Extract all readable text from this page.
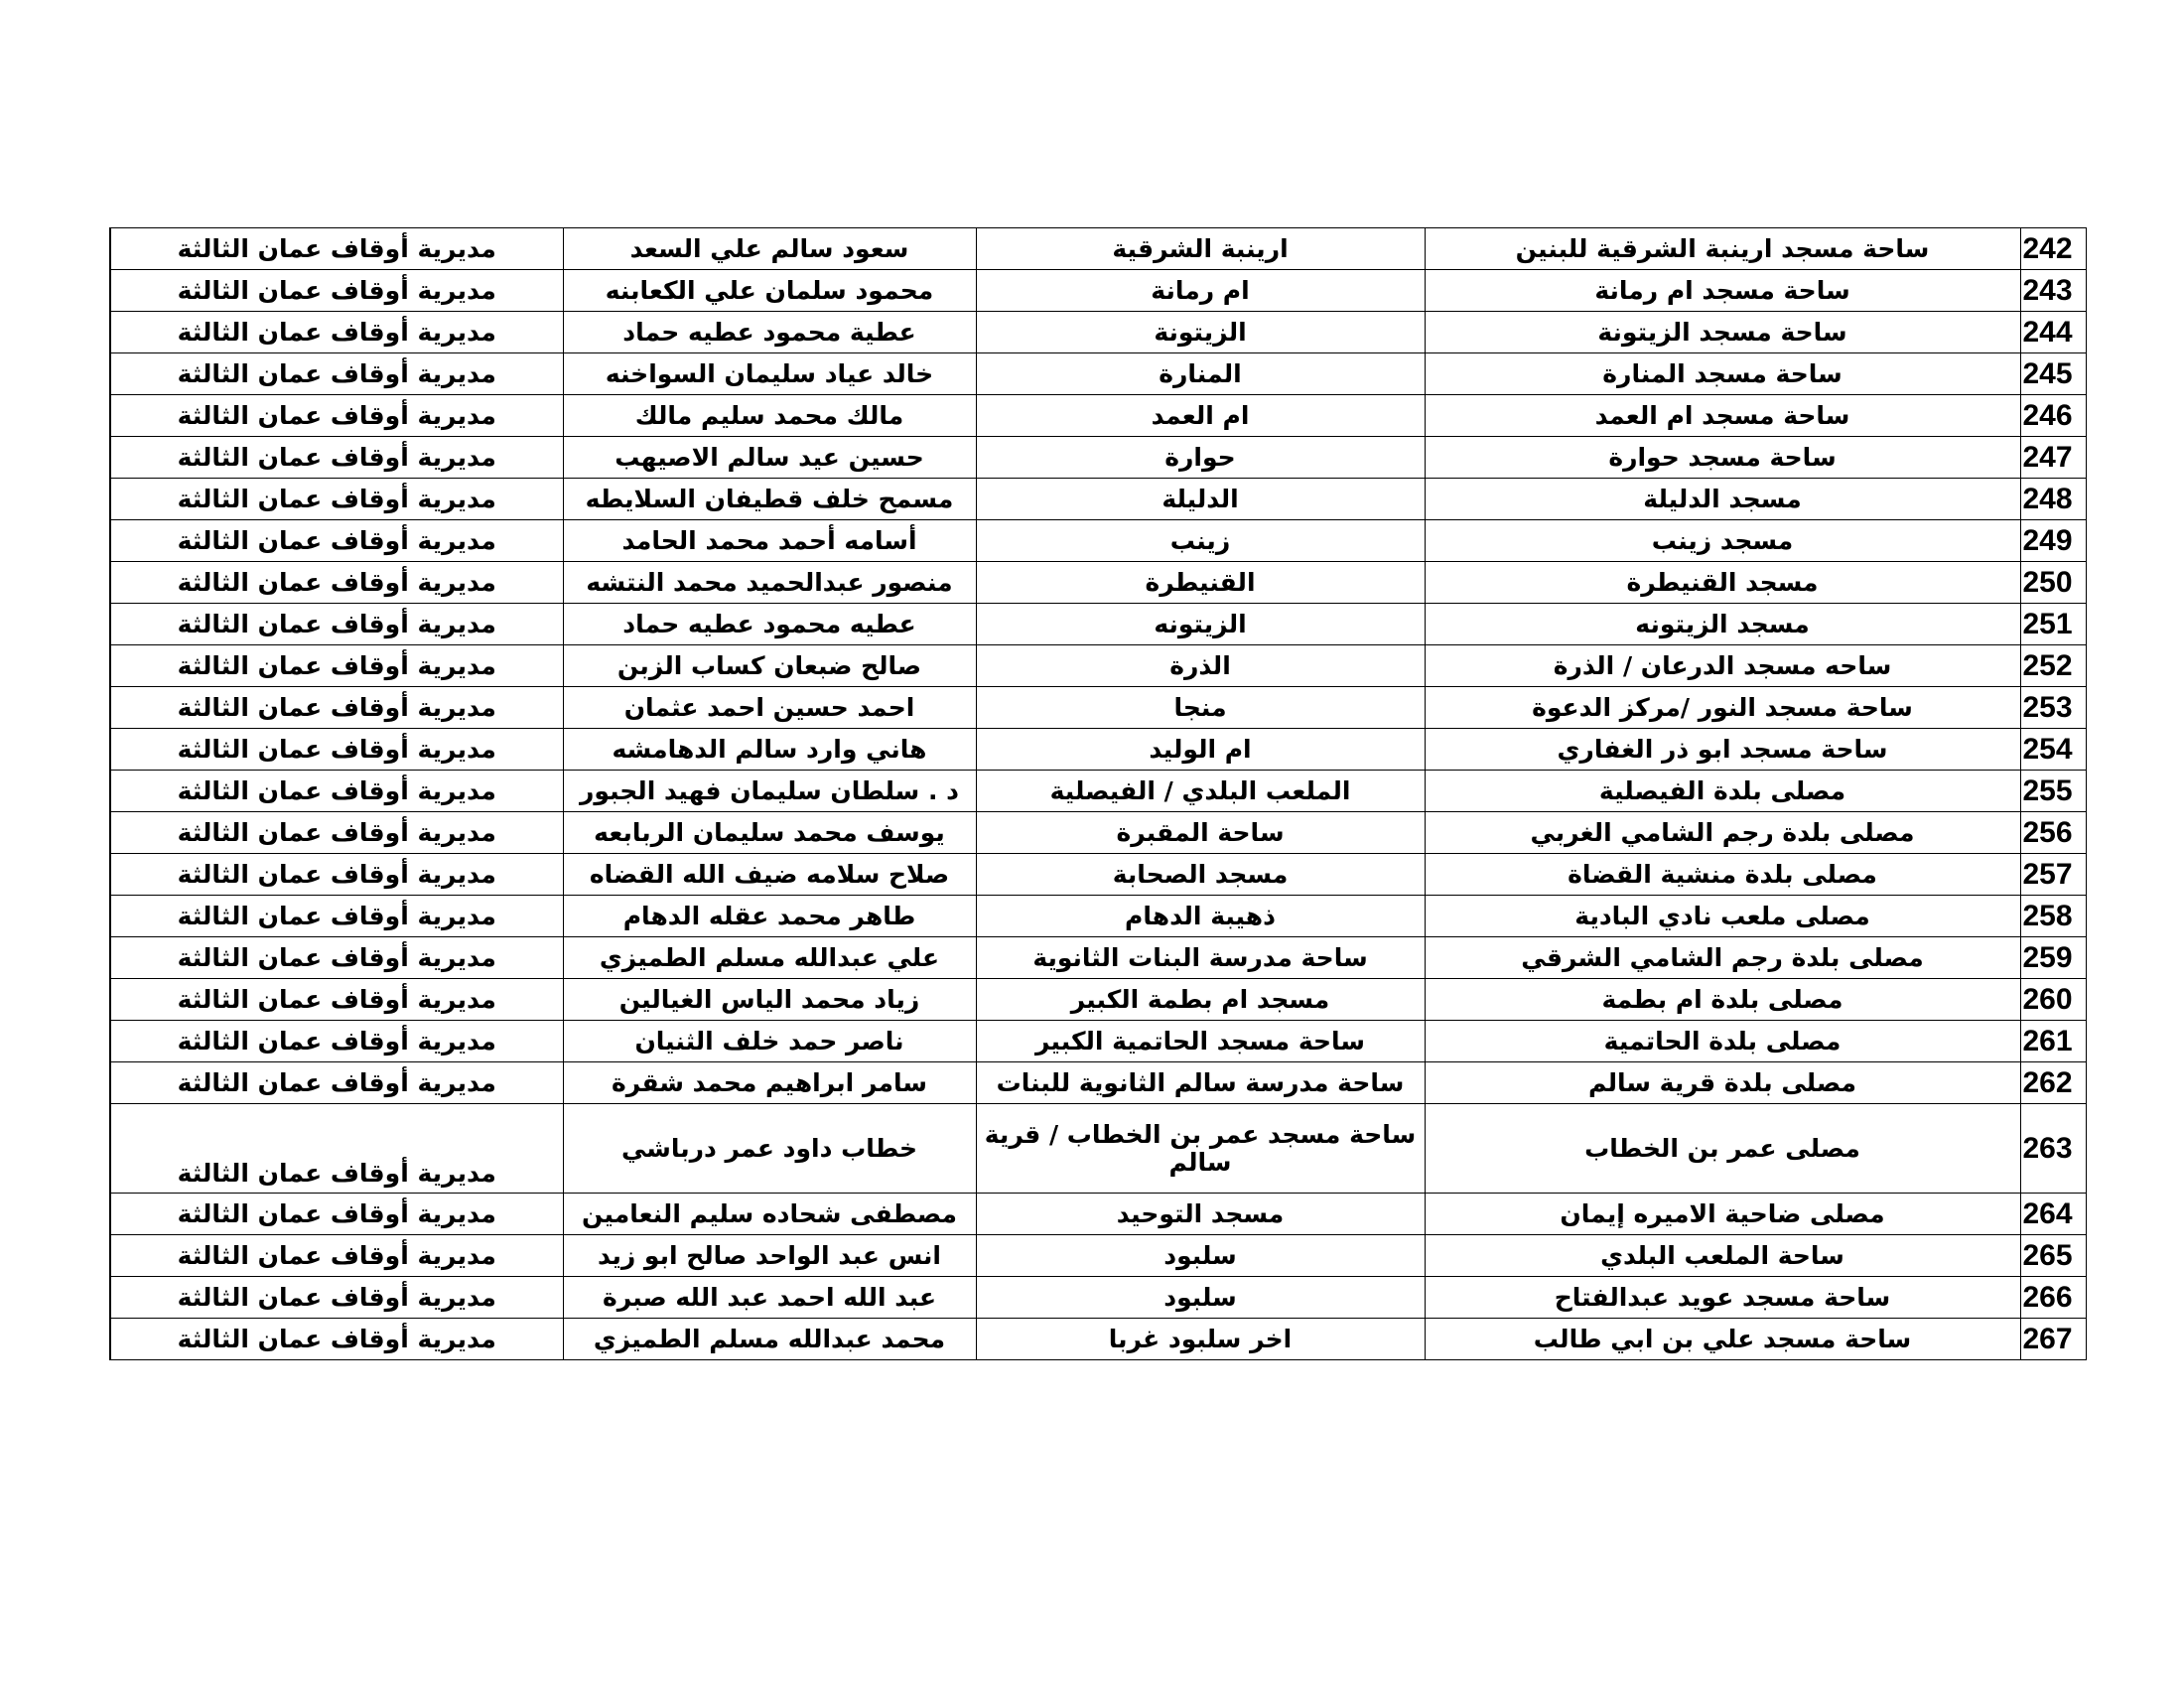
242	ساحة مسجد ارينبة الشرقية للبنين	ارينبة الشرقية	سعود سالم علي السعد	مديرية أوقاف عمان الثالثة
243	ساحة مسجد ام رمانة	ام رمانة	محمود سلمان علي الكعابنه	مديرية أوقاف عمان الثالثة
244	ساحة مسجد الزيتونة	الزيتونة	عطية محمود عطيه حماد	مديرية أوقاف عمان الثالثة
245	ساحة مسجد المنارة	المنارة	خالد عياد سليمان السواخنه	مديرية أوقاف عمان الثالثة
246	ساحة مسجد ام العمد	ام العمد	مالك محمد سليم مالك	مديرية أوقاف عمان الثالثة
247	ساحة مسجد حوارة	حوارة	حسين عيد سالم الاصيهب	مديرية أوقاف عمان الثالثة
248	مسجد الدليلة	الدليلة	مسمح خلف قطيفان السلايطه	مديرية أوقاف عمان الثالثة
249	مسجد زينب	زينب	أسامه أحمد محمد الحامد	مديرية أوقاف عمان الثالثة
250	مسجد القنيطرة	القنيطرة	منصور عبدالحميد محمد النتشه	مديرية أوقاف عمان الثالثة
251	مسجد الزيتونه	الزيتونه	عطيه محمود عطيه حماد	مديرية أوقاف عمان الثالثة
252	ساحه مسجد الدرعان / الذرة	الذرة	صالح ضبعان كساب الزبن	مديرية أوقاف عمان الثالثة
253	ساحة مسجد النور /مركز الدعوة	منجا	احمد حسين احمد عثمان	مديرية أوقاف عمان الثالثة
254	ساحة مسجد ابو ذر الغفاري	ام الوليد	هاني وارد سالم الدهامشه	مديرية أوقاف عمان الثالثة
255	مصلى بلدة الفيصلية	الملعب البلدي / الفيصلية	د . سلطان سليمان فهيد الجبور	مديرية أوقاف عمان الثالثة
256	مصلى بلدة رجم الشامي الغربي	ساحة المقبرة	يوسف محمد سليمان الربابعه	مديرية أوقاف عمان الثالثة
257	مصلى بلدة منشية القضاة	مسجد الصحابة	صلاح سلامه ضيف الله القضاه	مديرية أوقاف عمان الثالثة
258	مصلى ملعب نادي البادية	ذهيبة الدهام	طاهر محمد عقله الدهام	مديرية أوقاف عمان الثالثة
259	مصلى بلدة رجم الشامي الشرقي	ساحة مدرسة البنات الثانوية	علي عبدالله مسلم الطميزي	مديرية أوقاف عمان الثالثة
260	مصلى بلدة ام بطمة	مسجد ام بطمة الكبير	زياد محمد الياس الغيالين	مديرية أوقاف عمان الثالثة
261	مصلى بلدة الحاتمية	ساحة مسجد الحاتمية الكبير	ناصر حمد خلف الثنيان	مديرية أوقاف عمان الثالثة
262	مصلى بلدة قرية سالم	ساحة مدرسة سالم الثانوية للبنات	سامر ابراهيم محمد شقرة	مديرية أوقاف عمان الثالثة
263	مصلى عمر بن الخطاب	ساحة مسجد عمر بن الخطاب / قرية سالم	خطاب داود عمر درباشي	مديرية أوقاف عمان الثالثة
264	مصلى ضاحية الاميره إيمان	مسجد التوحيد	مصطفى شحاده سليم النعامين	مديرية أوقاف عمان الثالثة
265	ساحة الملعب البلدي	سلبود	انس عبد الواحد صالح ابو زيد	مديرية أوقاف عمان الثالثة
266	ساحة مسجد عويد عبدالفتاح	سلبود	عبد الله احمد عبد الله صبرة	مديرية أوقاف عمان الثالثة
267	ساحة مسجد علي بن ابي طالب	اخر سلبود غربا	محمد عبدالله مسلم الطميزي	مديرية أوقاف عمان الثالثة
